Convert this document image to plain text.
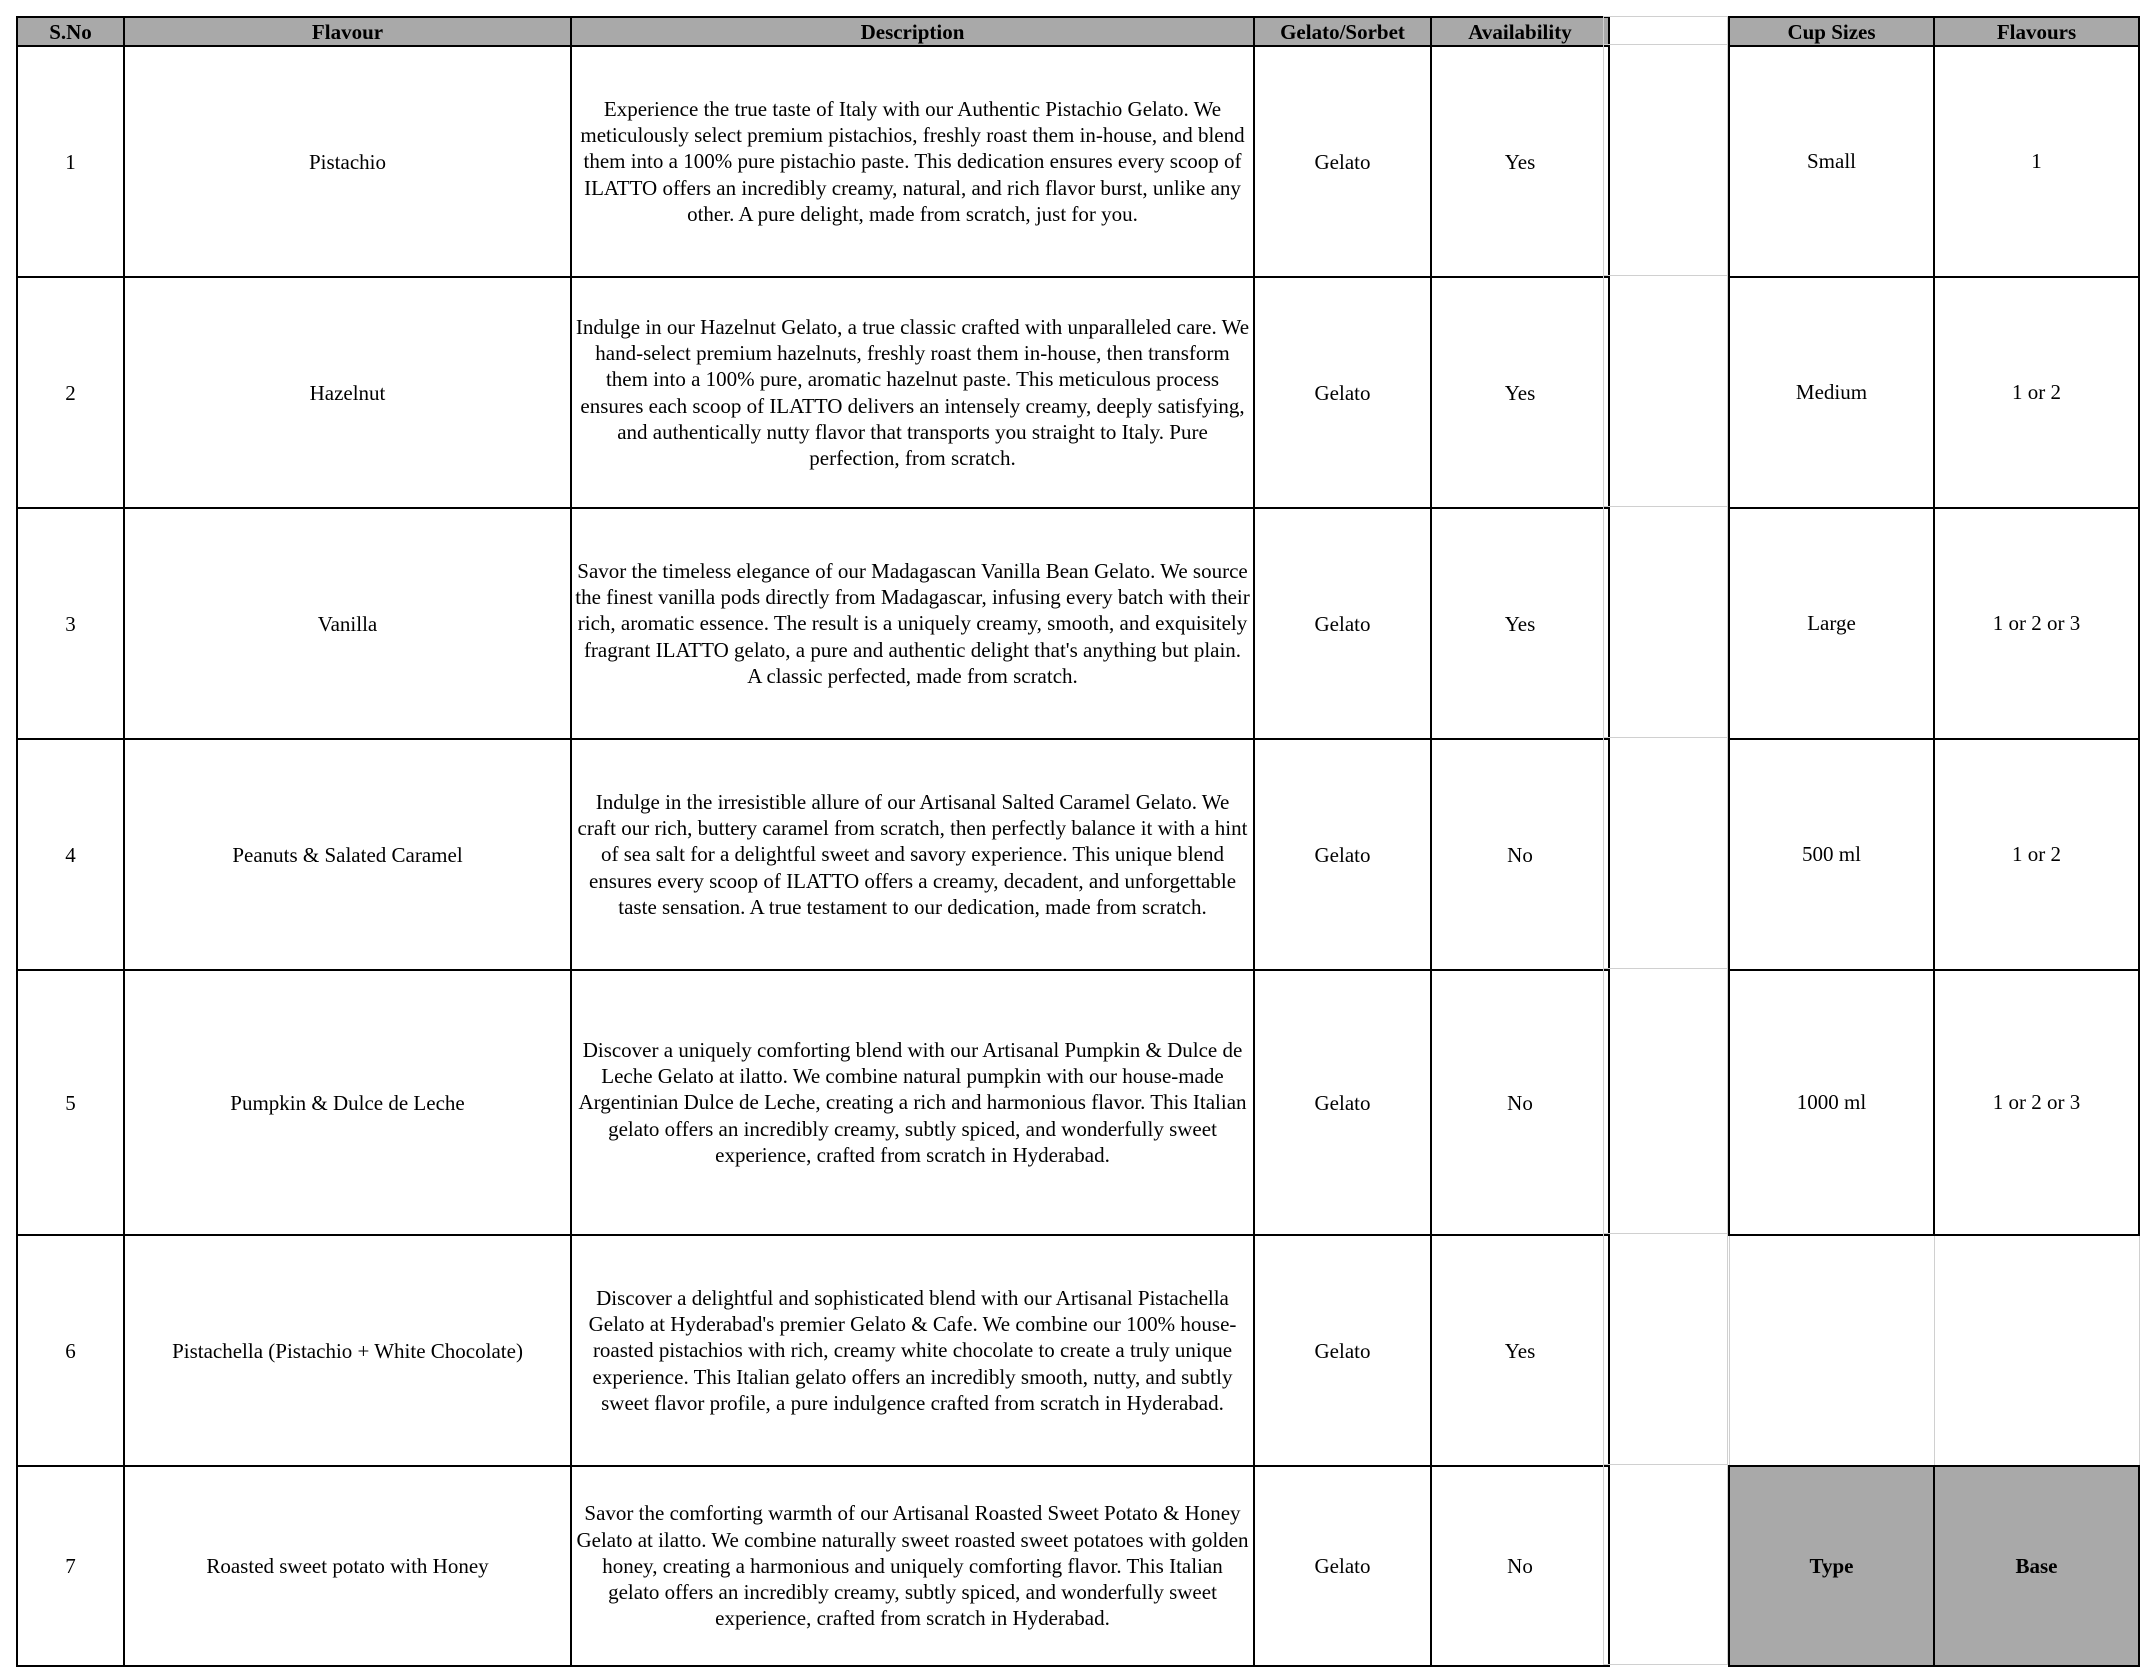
S.No	Flavour	Description	Gelato/Sorbet	Availability
1	Pistachio	Experience the true taste of Italy with our Authentic Pistachio Gelato. We meticulously select premium pistachios, freshly roast them in-house, and blend them into a 100% pure pistachio paste. This dedication ensures every scoop of ILATTO offers an incredibly creamy, natural, and rich flavor burst, unlike any other. A pure delight, made from scratch, just for you.	Gelato	Yes
2	Hazelnut	Indulge in our Hazelnut Gelato, a true classic crafted with unparalleled care. We hand-select premium hazelnuts, freshly roast them in-house, then transform them into a 100% pure, aromatic hazelnut paste. This meticulous process ensures each scoop of ILATTO delivers an intensely creamy, deeply satisfying, and authentically nutty flavor that transports you straight to Italy. Pure perfection, from scratch.	Gelato	Yes
3	Vanilla	Savor the timeless elegance of our Madagascan Vanilla Bean Gelato. We source the finest vanilla pods directly from Madagascar, infusing every batch with their rich, aromatic essence. The result is a uniquely creamy, smooth, and exquisitely fragrant ILATTO gelato, a pure and authentic delight that's anything but plain. A classic perfected, made from scratch.	Gelato	Yes
4	Peanuts & Salated Caramel	Indulge in the irresistible allure of our Artisanal Salted Caramel Gelato. We craft our rich, buttery caramel from scratch, then perfectly balance it with a hint of sea salt for a delightful sweet and savory experience. This unique blend ensures every scoop of ILATTO offers a creamy, decadent, and unforgettable taste sensation. A true testament to our dedication, made from scratch.	Gelato	No
5	Pumpkin & Dulce de Leche	Discover a uniquely comforting blend with our Artisanal Pumpkin & Dulce de Leche Gelato at ilatto. We combine natural pumpkin with our house-made Argentinian Dulce de Leche, creating a rich and harmonious flavor. This Italian gelato offers an incredibly creamy, subtly spiced, and wonderfully sweet experience, crafted from scratch in Hyderabad.	Gelato	No
6	Pistachella (Pistachio + White Chocolate)	Discover a delightful and sophisticated blend with our Artisanal Pistachella Gelato at Hyderabad's premier Gelato & Cafe. We combine our 100% house-roasted pistachios with rich, creamy white chocolate to create a truly unique experience. This Italian gelato offers an incredibly smooth, nutty, and subtly sweet flavor profile, a pure indulgence crafted from scratch in Hyderabad.	Gelato	Yes
7	Roasted sweet potato with Honey	Savor the comforting warmth of our Artisanal Roasted Sweet Potato & Honey Gelato at ilatto. We combine naturally sweet roasted sweet potatoes with golden honey, creating a harmonious and uniquely comforting flavor. This Italian gelato offers an incredibly creamy, subtly spiced, and wonderfully sweet experience, crafted from scratch in Hyderabad.	Gelato	No
Cup Sizes	Flavours
Small	1
Medium	1 or 2
Large	1 or 2 or 3
500 ml	1 or 2
1000 ml	1 or 2 or 3

Type	Base
